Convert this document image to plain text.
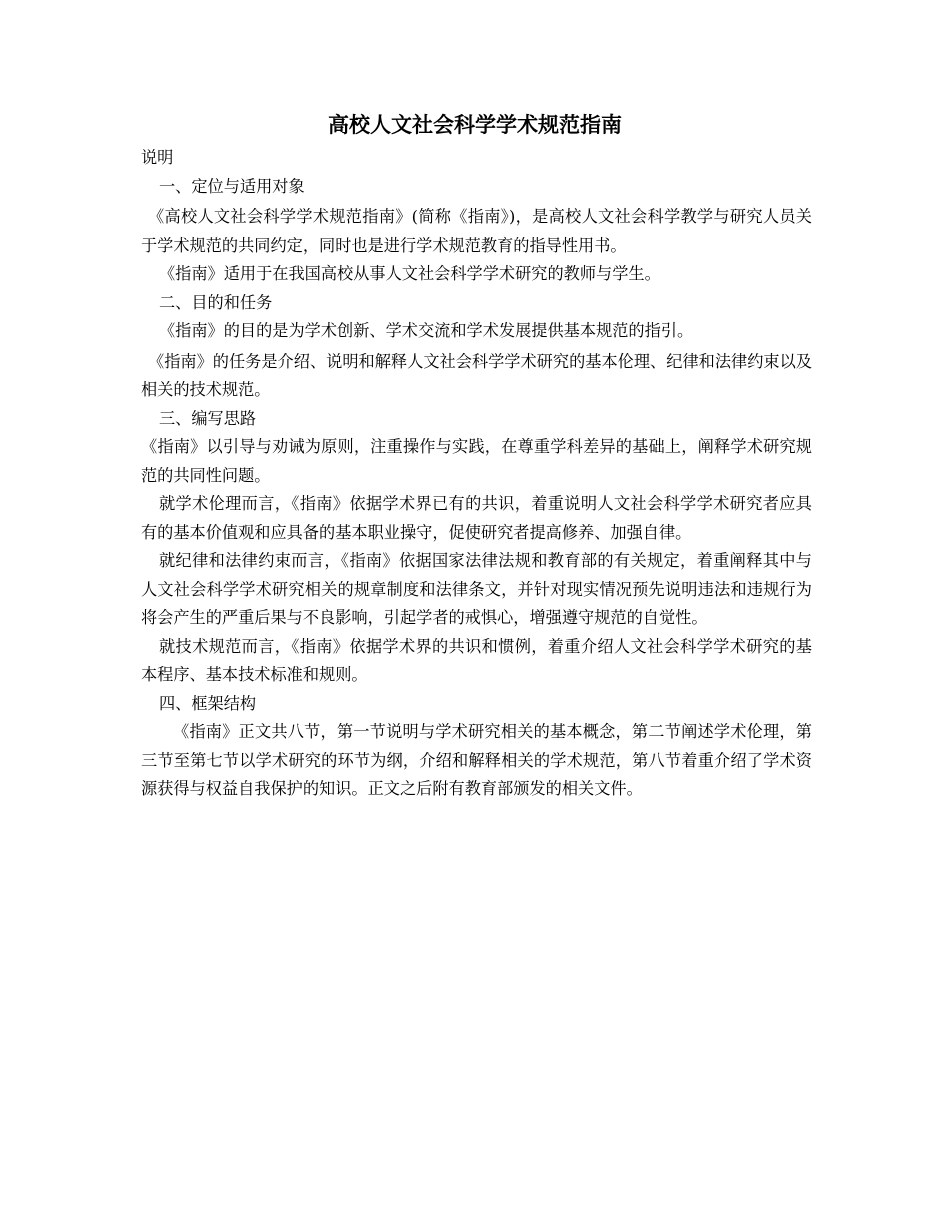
高校人文社会科学学术规范指南

说明

一、定位与适用对象

《高校人文社会科学学术规范指南》(简称《指南》)，是高校人文社会科学教学与研究人员关于学术规范的共同约定，同时也是进行学术规范教育的指导性用书。

《指南》适用于在我国高校从事人文社会科学学术研究的教师与学生。

二、目的和任务

《指南》的目的是为学术创新、学术交流和学术发展提供基本规范的指引。

《指南》的任务是介绍、说明和解释人文社会科学学术研究的基本伦理、纪律和法律约束以及相关的技术规范。

三、编写思路

《指南》以引导与劝诫为原则，注重操作与实践，在尊重学科差异的基础上，阐释学术研究规范的共同性问题。

就学术伦理而言，《指南》依据学术界已有的共识，着重说明人文社会科学学术研究者应具有的基本价值观和应具备的基本职业操守，促使研究者提高修养、加强自律。

就纪律和法律约束而言，《指南》依据国家法律法规和教育部的有关规定，着重阐释其中与人文社会科学学术研究相关的规章制度和法律条文，并针对现实情况预先说明违法和违规行为将会产生的严重后果与不良影响，引起学者的戒惧心，增强遵守规范的自觉性。

就技术规范而言，《指南》依据学术界的共识和惯例，着重介绍人文社会科学学术研究的基本程序、基本技术标准和规则。

四、框架结构

《指南》正文共八节，第一节说明与学术研究相关的基本概念，第二节阐述学术伦理，第三节至第七节以学术研究的环节为纲，介绍和解释相关的学术规范，第八节着重介绍了学术资源获得与权益自我保护的知识。正文之后附有教育部颁发的相关文件。
